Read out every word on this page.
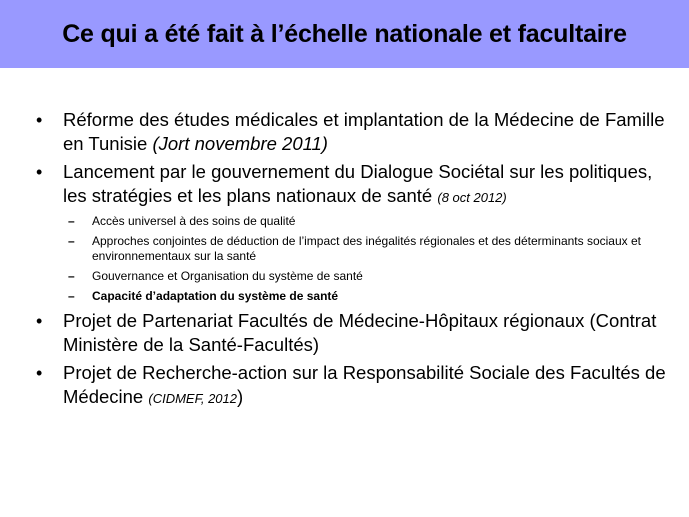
Ce qui a été fait à l’échelle nationale et facultaire
• Réforme des études médicales et implantation de la Médecine de Famille en Tunisie (Jort novembre 2011)
• Lancement par le gouvernement du Dialogue Sociétal sur les politiques, les stratégies et les plans nationaux de santé (8 oct 2012)
– Accès universel à des soins de qualité
– Approches conjointes de déduction de l’impact des inégalités régionales et des déterminants sociaux et environnementaux sur la santé
– Gouvernance et Organisation du système de santé
– Capacité d’adaptation du système de santé
• Projet de Partenariat Facultés de Médecine-Hôpitaux régionaux (Contrat Ministère de la Santé-Facultés)
• Projet de Recherche-action sur la Responsabilité Sociale des Facultés de Médecine (CIDMEF, 2012)
